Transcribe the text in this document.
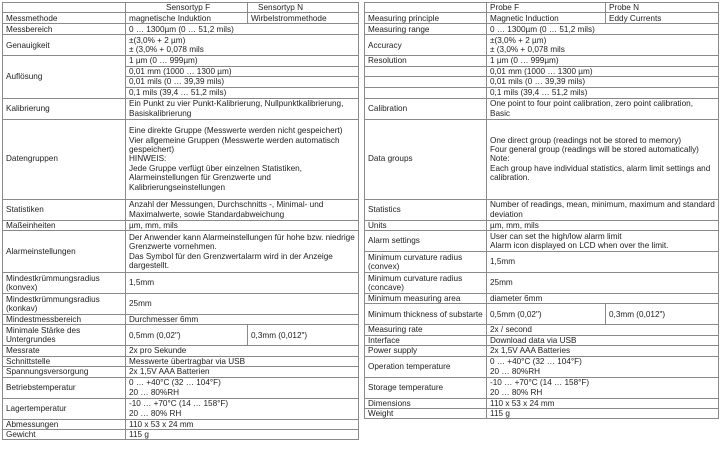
	Sensortyp F	Sensortyp N
Messmethode	magnetische Induktion	Wirbelstrommethode
Messbereich	0 … 1300µm (0 … 51,2 mils)	
Genauigkeit	±(3,0% + 2 µm)
± (3,0% + 0,078 mils	

Auflösung	1 µm (0 … 999µm)	
	0,01 mm (1000 … 1300 µm)	
	0,01 mils (0 … 39,39 mils)	
	0,1 mils (39,4 … 51,2 mils)	
Kalibrierung	Ein Punkt zu vier Punkt-Kalibrierung, Nullpunktkalibrierung, Basiskalibrierung	
Datengruppen	Eine direkte Gruppe (Messwerte werden nicht gespeichert)
Vier allgemeine Gruppen (Messwerte werden automatisch gespeichert)
HINWEIS:
Jede Gruppe verfügt über einzelnen Statistiken, Alarmeinstellungen für Grenzwerte und Kalibrierungseinstellungen	

Statistiken	Anzahl der Messungen, Durchschnitts -, Minimal- und Maximalwerte, sowie Standardabweichung	
Maßeinheiten	µm, mm, mils	
Alarmeinstellungen	Der Anwender kann Alarmeinstellungen für hohe bzw. niedrige Grenzwerte vornehmen.
Das Symbol für den Grenzwertalarm wird in der Anzeige dargestellt.	

Mindestkrümmungsradius (konvex)	1,5mm	
Mindestkrümmungsradius (konkav)	25mm	
Mindestmessbereich	Durchmesser 6mm	
Minimale Stärke des Untergrundes	0,5mm (0,02")	0,3mm (0,012")
Messrate	2x pro Sekunde	
Schnittstelle	Messwerte übertragbar via USB	
Spannungsversorgung	2x 1,5V AAA Batterien	
Betriebstemperatur	0 … +40°C (32 … 104°F)
20 … 80%RH	

Lagertemperatur	-10 … +70°C (14 … 158°F)
20 … 80% RH	

Abmessungen	110 x 53 x 24 mm	
Gewicht	115 g	
	Probe F	Probe N
Measuring principle	Magnetic Induction	Eddy Currents
Measuring range	0 … 1300µm (0 … 51,2 mils)	
Accuracy	±(3,0% + 2 µm)
± (3,0% + 0,078 mils	

Resolution	1 µm (0 … 999µm)	
	0,01 mm (1000 … 1300 µm)	
	0,01 mils (0 … 39,39 mils)	
	0,1 mils (39,4 … 51,2 mils)	
Calibration	One point to four point calibration, zero point calibration, Basic	
Data groups	One direct group (readings not be stored to memory)
Four general group (readings will be stored automatically)
Note:
Each group have individual statistics, alarm limit settings and calibration.	

Statistics	Number of readings, mean, minimum, maximum and standard deviation	
Units	µm, mm, mils	
Alarm settings	User can set the high/low alarm limit
Alarm icon displayed on LCD when over the limit.	

Minimum curvature radius (convex)	1,5mm	
Minimum curvature radius (concave)	25mm	
Minimum measuring area	diameter 6mm	
Minimum thickness of substarte	0,5mm (0,02")	0,3mm (0,012")
Measuring rate	2x / second	
Interface	Download data via USB	
Power supply	2x 1,5V AAA Batteries	
Operation temperature	0 … +40°C (32 … 104°F)
20 … 80%RH	

Storage temperature	-10 … +70°C (14 … 158°F)
20 … 80% RH	

Dimensions	110 x 53 x 24 mm	
Weight	115 g	
